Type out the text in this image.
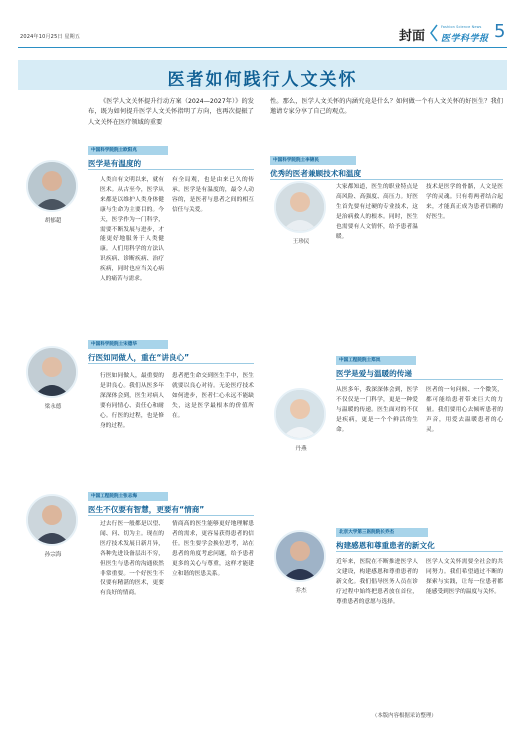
2024年10月25日 星期五	封面
Fashion Science News
医学科学报 5
医者如何践行人文关怀
《医学人文关怀提升行动方案（2024—2027年）》的发布，既为如何提升医学人文关怀指明了方向，也再次提振了人文关怀在医疗领域的重要
性。那么，医学人文关怀的内涵究竟是什么？如何做一个有人文关怀的好医生？我们邀请专家分享了自己的观点。
中国科学院院士欧阳兆
医学是有温度的
胡郁超
人类自有文明以来，就有医术。从古至今，医学从来都是以维护人类身体健康与生命为主要目的。今天，医学作为一门科学，需要不断发展与进步，才能更好地服务于人类健康。人们用科学的方法认识疾病、诊断疾病、治疗疾病，同时也应当关心病人的痛苦与需求。
有全局观，也是由来已久的传承。医学是有温度的，最令人动容的，是医者与患者之间的相互信任与关爱。
中国科学院院士宋德华
行医如同做人，重在“讲良心”
梁永德
行医如同做人，最重要的是讲良心。我们从医多年深深体会到，医生对病人要有同情心、责任心和耐心。行医的过程，也是修身的过程。
患者把生命交到医生手中，医生就要以良心对待。无论医疗技术如何进步，医者仁心永远不能缺失，这是医学最根本的价值所在。
中国工程院院士张志海
医生不仅要有智慧，更要有“情商”
孙宗海
过去行医一般都是以望、闻、问、切为主。现在的医疗技术发展日新月异，各种先进设备层出不穷，但医生与患者的沟通依然非常重要。一个好医生不仅要有精湛的医术，更要有良好的情商。
情商高的医生能够更好地理解患者的需求，更容易获得患者的信任。医生要学会换位思考，站在患者的角度考虑问题，给予患者更多的关心与尊重，这样才能建立和谐的医患关系。
中国科学院院士李锦民
优秀的医者兼顾技术和温度
王珍民
大家都知道，医生的职业特点是高风险、高强度、高压力。好医生首先要有过硬的专业技术，这是治病救人的根本。同时，医生也需要有人文情怀，给予患者温暖。
技术是医学的骨骼，人文是医学的灵魂。只有将两者结合起来，才能真正成为患者信赖的好医生。
中国工程院院士郑岚
医学是爱与温暖的传递
丹燕
从医多年，我深深体会到，医学不仅仅是一门科学，更是一种爱与温暖的传递。医生面对的不仅是疾病，更是一个个鲜活的生命。
医者的一句问候、一个微笑，都可能给患者带来巨大的力量。我们要用心去倾听患者的声音，用爱去温暖患者的心灵。
北京大学第三医院院长乔杰
构建感恩和尊重患者的新文化
乔杰
近年来，医院在不断推进医学人文建设，构建感恩和尊重患者的新文化。我们倡导医务人员在诊疗过程中始终把患者放在首位，尊重患者的意愿与选择。
医学人文关怀需要全社会的共同努力。我们希望通过不断的探索与实践，让每一位患者都能感受到医学的温度与关怀。
（本版内容根据采访整理）
